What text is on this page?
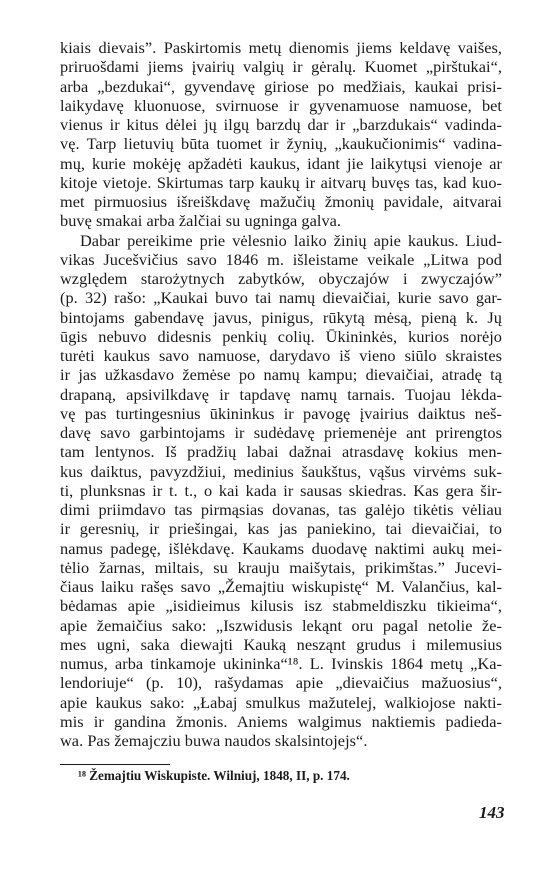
kiais dievais”. Paskirtomis metų dienomis jiems keldavę vaišes,
priruošdami jiems įvairių valgių ir gėralų. Kuomet „pirštukai“,
arba „bezdukai“, gyvendavę giriose po medžiais, kaukai prisi-
laikydavę kluonuose, svirnuose ir gyvenamuose namuose, bet
vienus ir kitus dėlei jų ilgų barzdų dar ir „barzdukais“ vadinda-
vę. Tarp lietuvių būta tuomet ir žynių, „kaukučionimis“ vadina-
mų, kurie mokėję apžadėti kaukus, idant jie laikytųsi vienoje ar
kitoje vietoje. Skirtumas tarp kaukų ir aitvarų buvęs tas, kad kuo-
met pirmuosius išreiškdavę mažučių žmonių pavidale, aitvarai
buvę smakai arba žalčiai su ugninga galva.
Dabar pereikime prie vėlesnio laiko žinių apie kaukus. Liud-
vikas Jucešvičius savo 1846 m. išleistame veikale „Litwa pod
względem starożytnych zabytków, obyczajów i zwyczajów”
(p. 32) rašo: „Kaukai buvo tai namų dievaičiai, kurie savo gar-
bintojams gabendavę javus, pinigus, rūkytą mėsą, pieną k. Jų
ūgis nebuvo didesnis penkių colių. Ūkininkės, kurios norėjo
turėti kaukus savo namuose, darydavo iš vieno siūlo skraistes
ir jas užkasdavo žemėse po namų kampu; dievaičiai, atradę tą
drapaną, apsivilkdavę ir tapdavę namų tarnais. Tuojau lėkda-
vę pas turtingesnius ūkininkus ir pavogę įvairius daiktus neš-
davę savo garbintojams ir sudėdavę priemenėje ant prirengtos
tam lentynos. Iš pradžių labai dažnai atrasdavę kokius men-
kus daiktus, pavyzdžiui, medinius šaukštus, vąšus virvėms suk-
ti, plunksnas ir t. t., o kai kada ir sausas skiedras. Kas gera šir-
dimi priimdavo tas pirmąsias dovanas, tas galėjo tikėtis vėliau
ir geresnių, ir priešingai, kas jas paniekino, tai dievaičiai, to
namus padegę, išlėkdavę. Kaukams duodavę naktimi aukų mei-
tėlio žarnas, miltais, su krauju maišytais, prikimštas.” Jucevi-
čiaus laiku rašęs savo „Žemajtiu wiskupistę“ M. Valančius, kal-
bėdamas apie „isidieimus kilusis isz stabmeldiszku tikieima“,
apie žemaičius sako: „Iszwidusis lekąnt oru pagal netolie že-
mes ugni, saka diewajti Kauką nesząnt grudus i milemusius
numus, arba tinkamoje ukininka“¹⁸. L. Ivinskis 1864 metų „Ka-
lendoriuje“ (p. 10), rašydamas apie „dievaičius mažuosius“,
apie kaukus sako: „Łabaj smulkus mažutelej, walkiojose nakti-
mis ir gandina žmonis. Aniems walgimus naktiemis padieda-
wa. Pas žemajcziu buwa naudos skalsintojejs“.
¹⁸ Žemajtiu Wiskupiste. Wilniuj, 1848, II, p. 174.
143
